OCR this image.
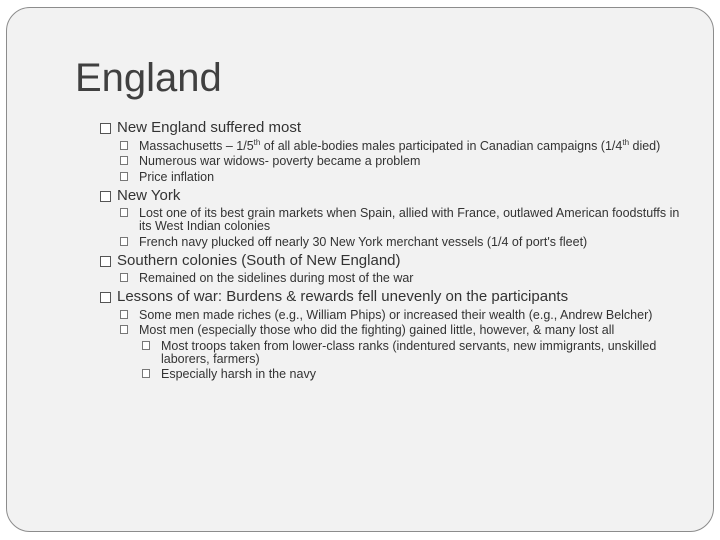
England
New England suffered most
Massachusetts – 1/5th of all able-bodies males participated in Canadian campaigns (1/4th died)
Numerous war widows- poverty became a problem
Price inflation
New York
Lost one of its best grain markets when Spain, allied with France, outlawed American foodstuffs in its West Indian colonies
French navy plucked off nearly 30 New York merchant vessels (1/4 of port's fleet)
Southern colonies (South of New England)
Remained on the sidelines during most of the war
Lessons of war: Burdens & rewards fell unevenly on the participants
Some men made riches (e.g., William Phips) or increased their wealth (e.g., Andrew Belcher)
Most men (especially those who did the fighting) gained little, however, & many lost all
Most troops taken from lower-class ranks (indentured servants, new immigrants, unskilled laborers, farmers)
Especially harsh in the navy
